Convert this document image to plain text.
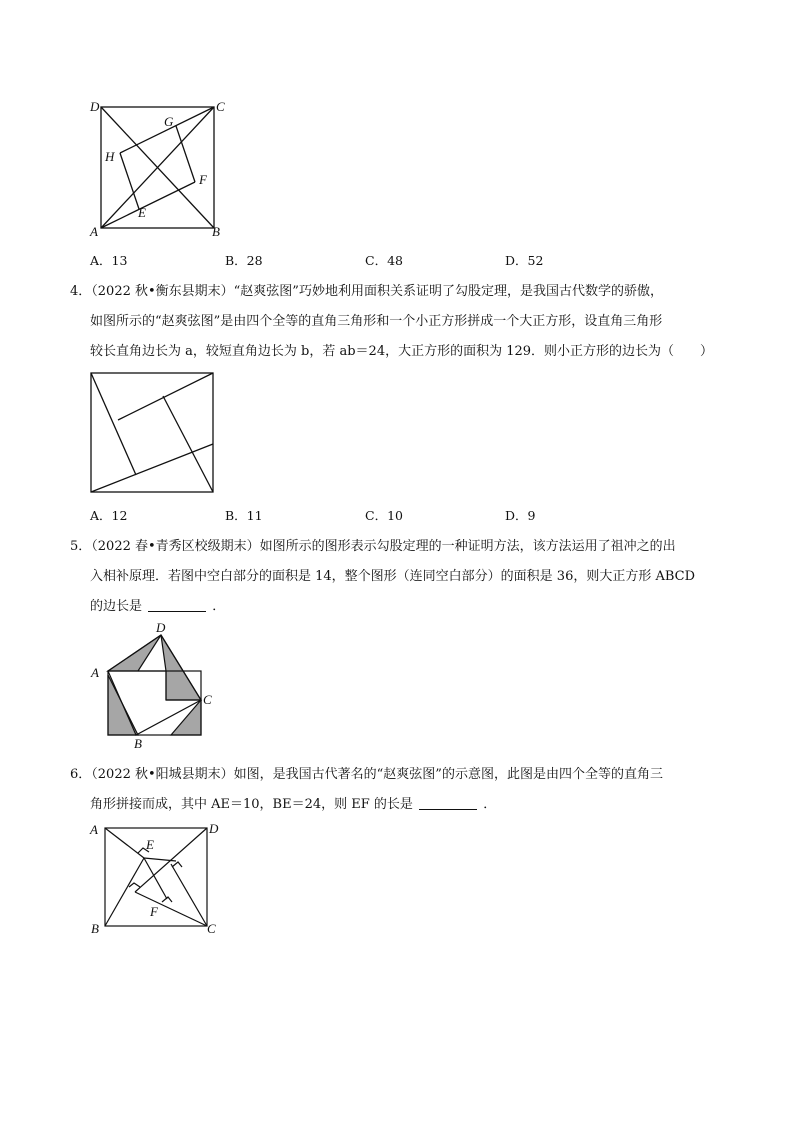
D	C
G
H
F
E
A	B
A．13	B．28	C．48	D．52
4．（2022 秋•衡东县期末）“赵爽弦图”巧妙地利用面积关系证明了勾股定理，是我国古代数学的骄傲，
如图所示的“赵爽弦图”是由四个全等的直角三角形和一个小正方形拼成一个大正方形，设直角三角形
较长直角边长为 a，较短直角边长为 b，若 ab＝24，大正方形的面积为 129．则小正方形的边长为（　　）
A．12	B．11	C．10	D．9
5．（2022 春•青秀区校级期末）如图所示的图形表示勾股定理的一种证明方法，该方法运用了祖冲之的出
入相补原理．若图中空白部分的面积是 14，整个图形（连同空白部分）的面积是 36，则大正方形 ABCD
的边长是	．
D
A
C
B
6．（2022 秋•阳城县期末）如图，是我国古代著名的“赵爽弦图”的示意图，此图是由四个全等的直角三
角形拼接而成，其中 AE＝10，BE＝24，则 EF 的长是	．
A	D
E
F
B	C
